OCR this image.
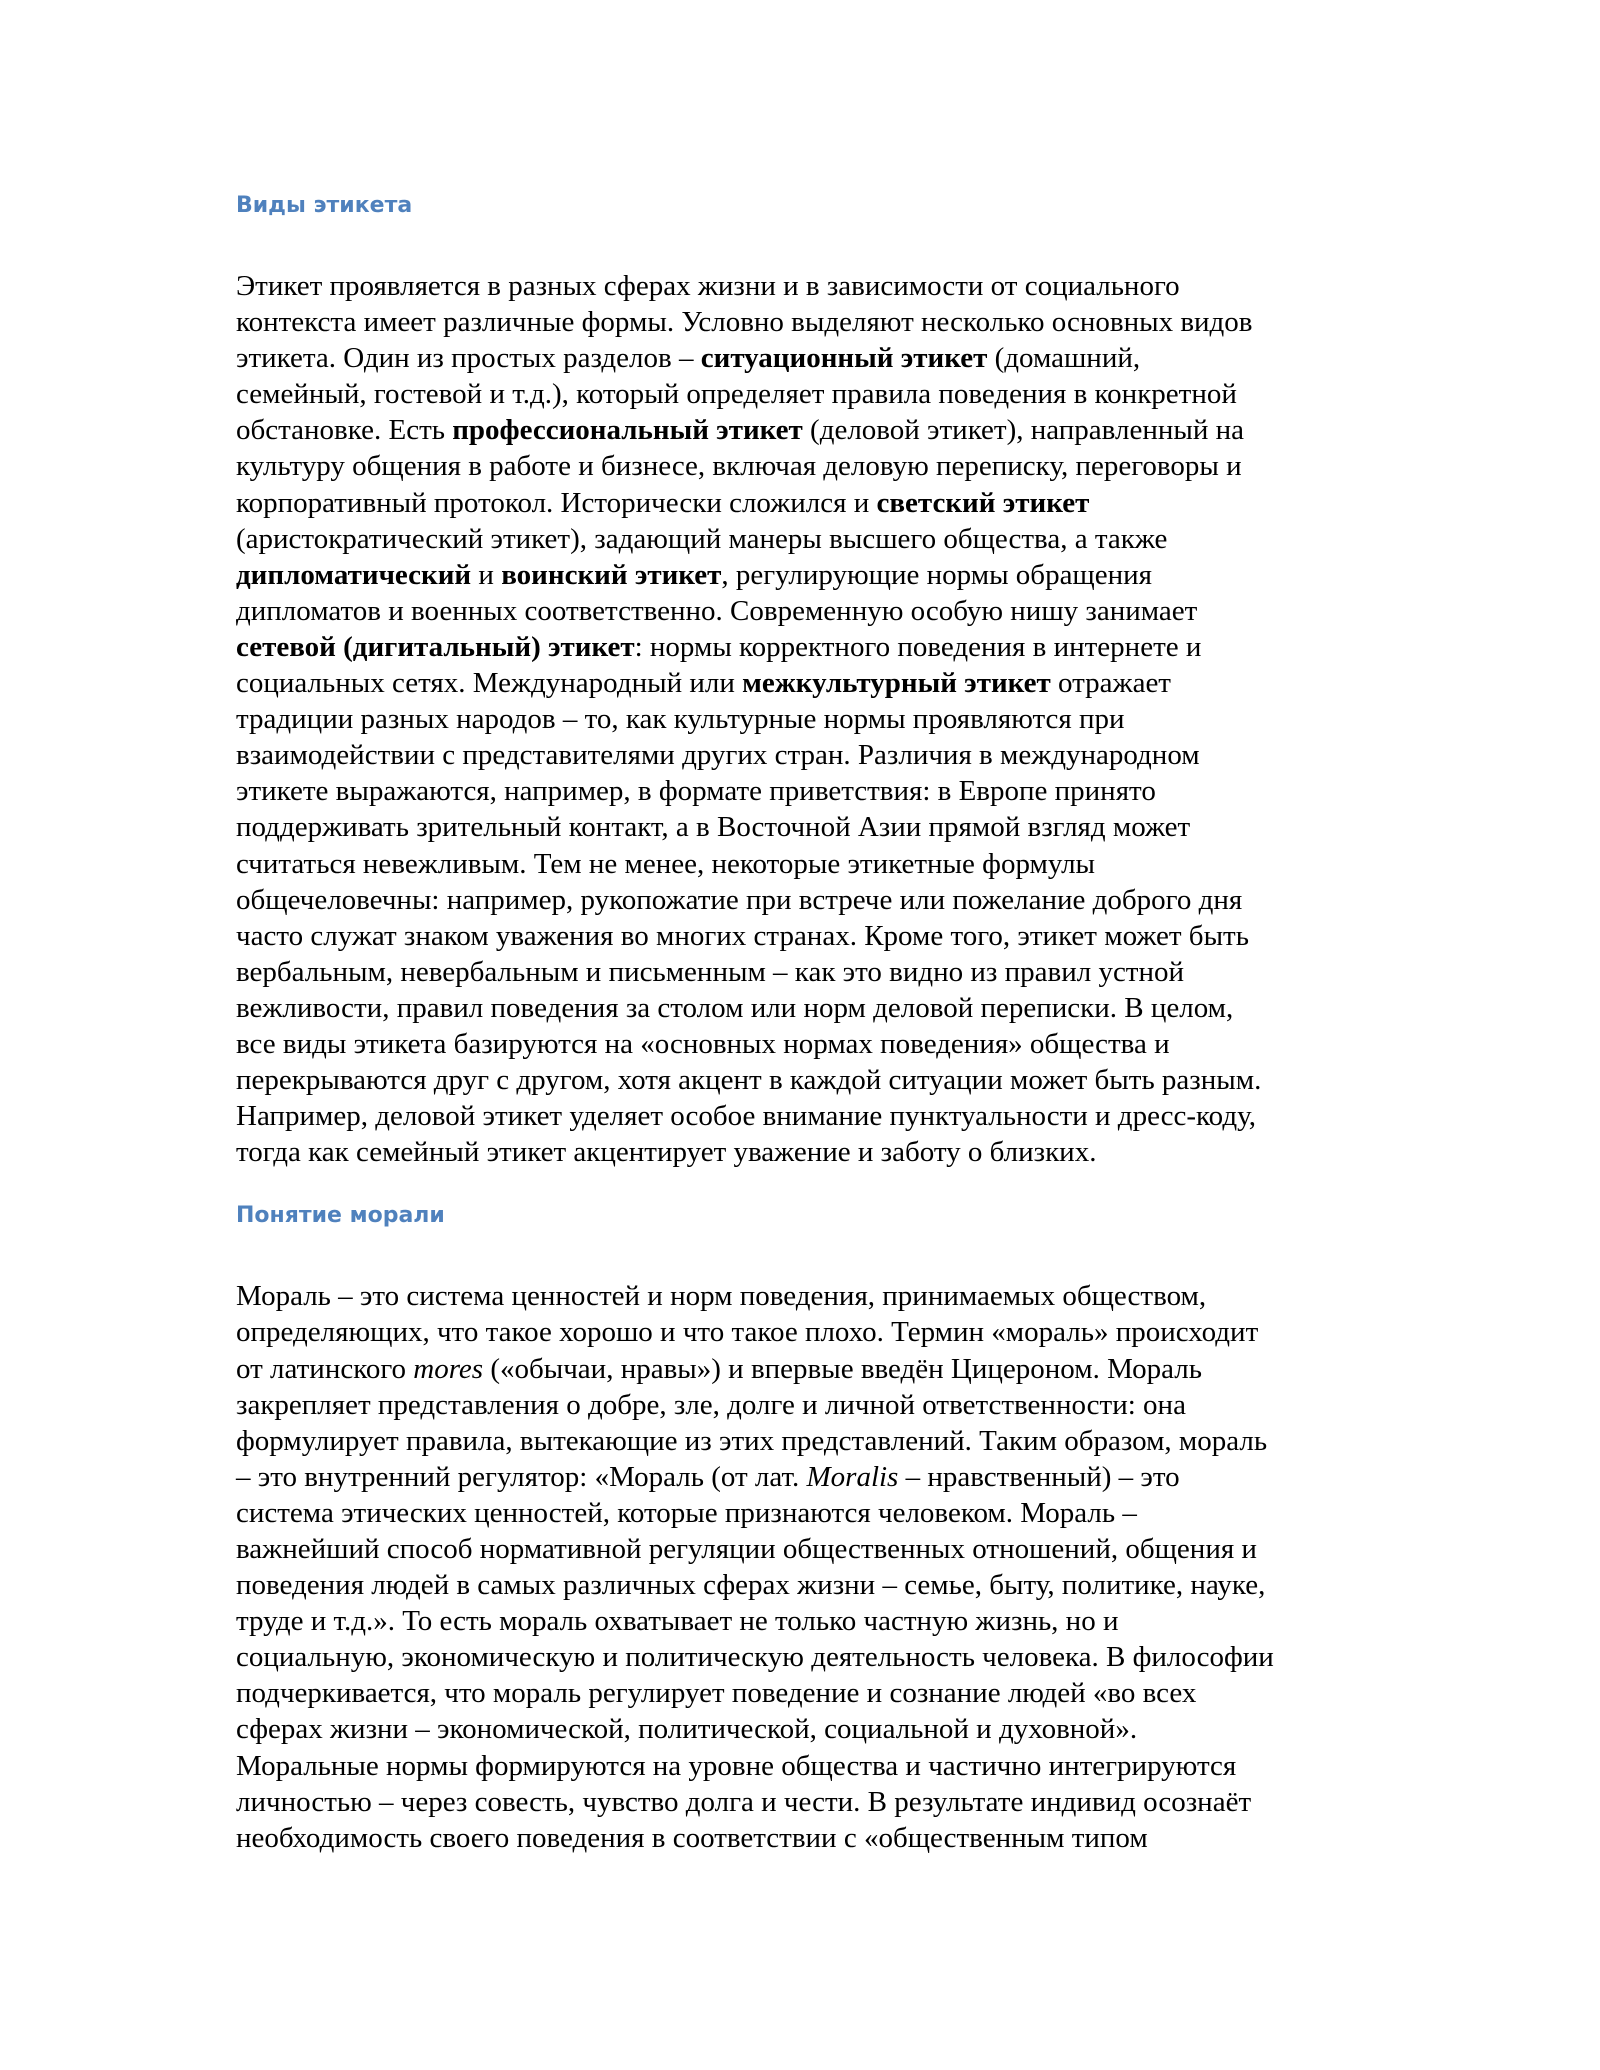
Виды этикета

Этикет проявляется в разных сферах жизни и в зависимости от социального
контекста имеет различные формы. Условно выделяют несколько основных видов
этикета. Один из простых разделов – ситуационный этикет (домашний,
семейный, гостевой и т.д.), который определяет правила поведения в конкретной
обстановке. Есть профессиональный этикет (деловой этикет), направленный на
культуру общения в работе и бизнесе, включая деловую переписку, переговоры и
корпоративный протокол. Исторически сложился и светский этикет
(аристократический этикет), задающий манеры высшего общества, а также
дипломатический и воинский этикет, регулирующие нормы обращения
дипломатов и военных соответственно. Современную особую нишу занимает
сетевой (дигитальный) этикет: нормы корректного поведения в интернете и
социальных сетях. Международный или межкультурный этикет отражает
традиции разных народов – то, как культурные нормы проявляются при
взаимодействии с представителями других стран. Различия в международном
этикете выражаются, например, в формате приветствия: в Европе принято
поддерживать зрительный контакт, а в Восточной Азии прямой взгляд может
считаться невежливым. Тем не менее, некоторые этикетные формулы
общечеловечны: например, рукопожатие при встрече или пожелание доброго дня
часто служат знаком уважения во многих странах. Кроме того, этикет может быть
вербальным, невербальным и письменным – как это видно из правил устной
вежливости, правил поведения за столом или норм деловой переписки. В целом,
все виды этикета базируются на «основных нормах поведения» общества и
перекрываются друг с другом, хотя акцент в каждой ситуации может быть разным.
Например, деловой этикет уделяет особое внимание пунктуальности и дресс-коду,
тогда как семейный этикет акцентирует уважение и заботу о близких.

Понятие морали

Мораль – это система ценностей и норм поведения, принимаемых обществом,
определяющих, что такое хорошо и что такое плохо. Термин «мораль» происходит
от латинского mores («обычаи, нравы») и впервые введён Цицероном. Мораль
закрепляет представления о добре, зле, долге и личной ответственности: она
формулирует правила, вытекающие из этих представлений. Таким образом, мораль
– это внутренний регулятор: «Мораль (от лат. Moralis – нравственный) – это
система этических ценностей, которые признаются человеком. Мораль –
важнейший способ нормативной регуляции общественных отношений, общения и
поведения людей в самых различных сферах жизни – семье, быту, политике, науке,
труде и т.д.». То есть мораль охватывает не только частную жизнь, но и
социальную, экономическую и политическую деятельность человека. В философии
подчеркивается, что мораль регулирует поведение и сознание людей «во всех
сферах жизни – экономической, политической, социальной и духовной».
Моральные нормы формируются на уровне общества и частично интегрируются
личностью – через совесть, чувство долга и чести. В результате индивид осознаёт
необходимость своего поведения в соответствии с «общественным типом
